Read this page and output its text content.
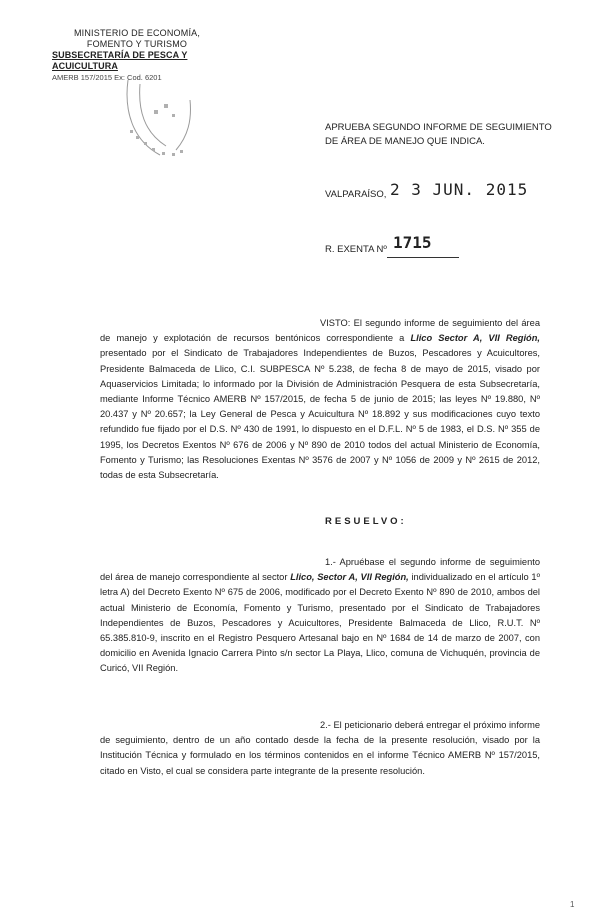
MINISTERIO DE ECONOMÍA,
FOMENTO Y TURISMO
SUBSECRETARÍA DE PESCA Y ACUICULTURA
AMERB 157/2015 Ex: Cod. 6201
APRUEBA SEGUNDO INFORME DE SEGUIMIENTO DE ÁREA DE MANEJO QUE INDICA.
VALPARAÍSO, 2 3 JUN. 2015
R. EXENTA Nº 1715
VISTO: El segundo informe de seguimiento del área de manejo y explotación de recursos bentónicos correspondiente a Llico Sector A, VII Región, presentado por el Sindicato de Trabajadores Independientes de Buzos, Pescadores y Acuicultores, Presidente Balmaceda de Llico, C.I. SUBPESCA Nº 5.238, de fecha 8 de mayo de 2015, visado por Aquaservicios Limitada; lo informado por la División de Administración Pesquera de esta Subsecretaría, mediante Informe Técnico AMERB Nº 157/2015, de fecha 5 de junio de 2015; las leyes Nº 19.880, Nº 20.437 y Nº 20.657; la Ley General de Pesca y Acuicultura Nº 18.892 y sus modificaciones cuyo texto refundido fue fijado por el D.S. Nº 430 de 1991, lo dispuesto en el D.F.L. Nº 5 de 1983, el D.S. Nº 355 de 1995, los Decretos Exentos Nº 676 de 2006 y Nº 890 de 2010 todos del actual Ministerio de Economía, Fomento y Turismo; las Resoluciones Exentas Nº 3576 de 2007 y Nº 1056 de 2009 y Nº 2615 de 2012, todas de esta Subsecretaría.
RESUELVO:
1.- Apruébase el segundo informe de seguimiento del área de manejo correspondiente al sector Llico, Sector A, VII Región, individualizado en el artículo 1º letra A) del Decreto Exento Nº 675 de 2006, modificado por el Decreto Exento Nº 890 de 2010, ambos del actual Ministerio de Economía, Fomento y Turismo, presentado por el Sindicato de Trabajadores Independientes de Buzos, Pescadores y Acuicultores, Presidente Balmaceda de Llico, R.U.T. Nº 65.385.810-9, inscrito en el Registro Pesquero Artesanal bajo en Nº 1684 de 14 de marzo de 2007, con domicilio en Avenida Ignacio Carrera Pinto s/n sector La Playa, Llico, comuna de Vichuquén, provincia de Curicó, VII Región.
2.- El peticionario deberá entregar el próximo informe de seguimiento, dentro de un año contado desde la fecha de la presente resolución, visado por la Institución Técnica y formulado en los términos contenidos en el informe Técnico AMERB Nº 157/2015, citado en Visto, el cual se considera parte integrante de la presente resolución.
1
